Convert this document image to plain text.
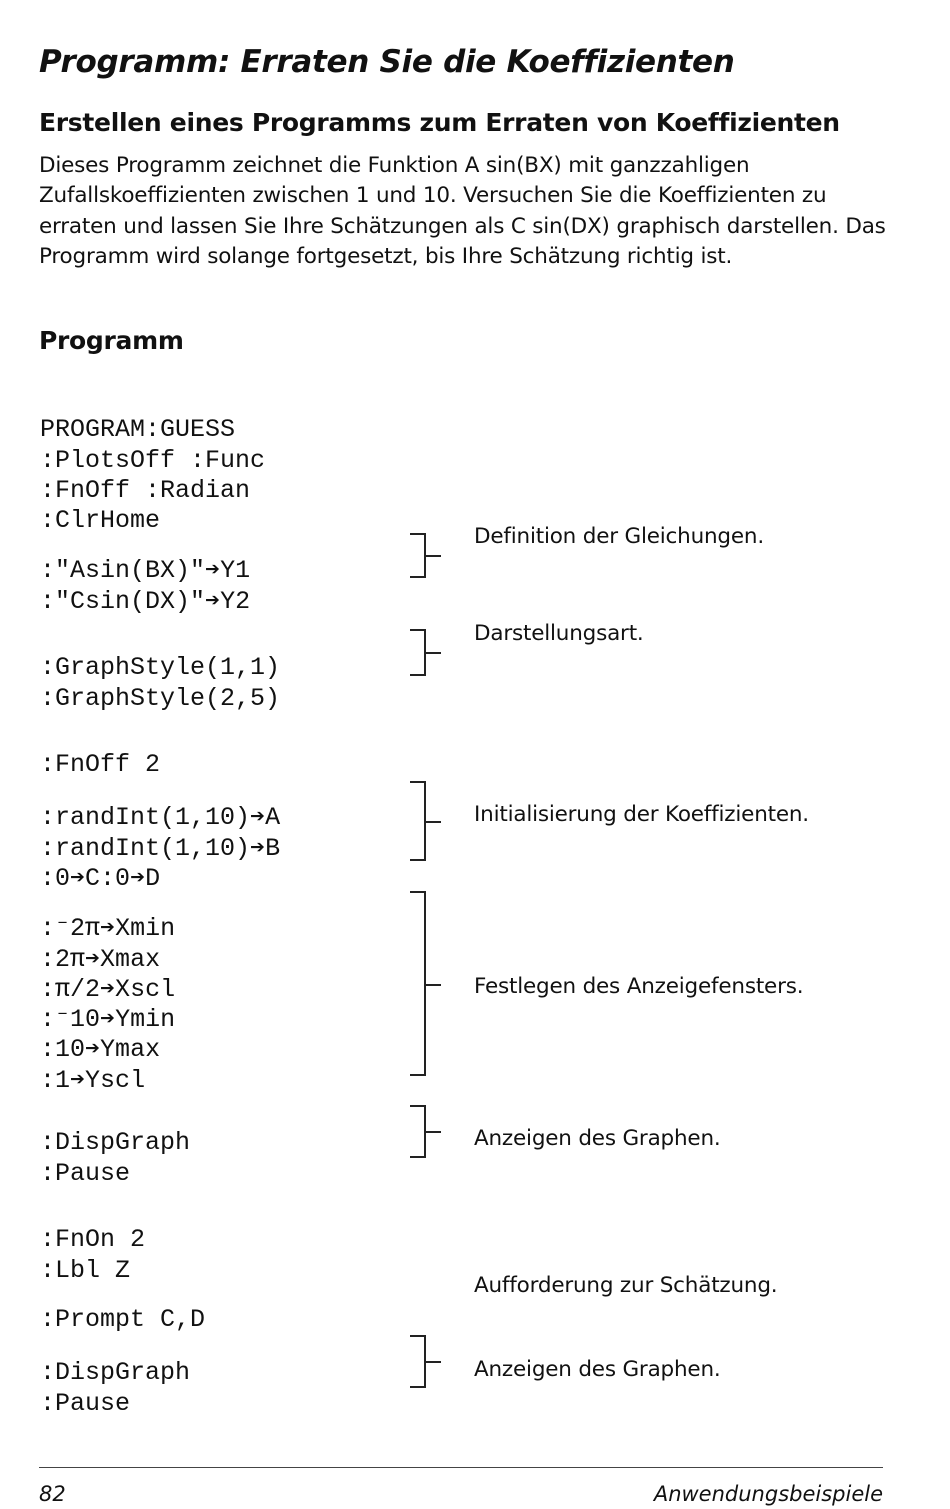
Programm: Erraten Sie die Koeffizienten
Erstellen eines Programms zum Erraten von Koeffizienten
Dieses Programm zeichnet die Funktion A sin(BX) mit ganzzahligen Zufallskoeffizienten zwischen 1 und 10. Versuchen Sie die Koeffizienten zu erraten und lassen Sie Ihre Schätzungen als C sin(DX) graphisch darstellen. Das Programm wird solange fortgesetzt, bis Ihre Schätzung richtig ist.
Programm

PROGRAM:GUESS
:PlotsOff :Func
:FnOff :Radian
:ClrHome

:"Asin(BX)"➔Y1
:"Csin(DX)"➔Y2

Definition der Gleichungen.

:GraphStyle(1,1)
:GraphStyle(2,5)

Darstellungsart.

:FnOff 2

:randInt(1,10)➔A
:randInt(1,10)➔B
:0➔C:0➔D

Initialisierung der Koeffizienten.

:⁻2π➔Xmin
:2π➔Xmax
:π/2➔Xscl
:⁻10➔Ymin
:10➔Ymax
:1➔Yscl

Festlegen des Anzeigefensters.

:DispGraph
:Pause

Anzeigen des Graphen.

:FnOn 2
:Lbl Z

:Prompt C,D

Aufforderung zur Schätzung.

:DispGraph
:Pause

Anzeigen des Graphen.
82	Anwendungsbeispiele
